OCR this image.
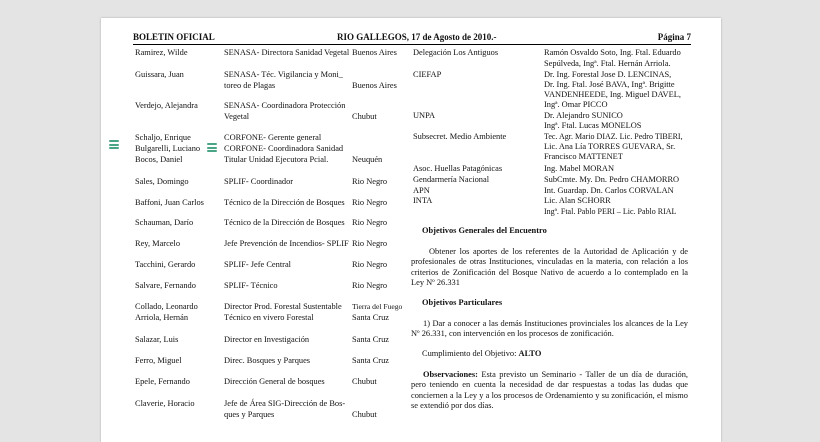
BOLETIN OFICIAL	RIO GALLEGOS, 17 de Agosto de 2010.-	Página 7
Ramirez, Wilde
Guissara, Juan
Verdejo, Alejandra
Schaljo, Enrique
Bulgarelli, Luciano
Bocos, Daniel
Sales, Domingo
Baffoni, Juan Carlos
Schauman, Darío
Rey, Marcelo
Tacchini, Gerardo
Salvare, Fernando
Collado, Leonardo
Arriola, Hernán
Salazar, Luis
Ferro, Miguel
Epele, Fernando
Claverie, Horacio
SENASA- Directora Sanidad Vegetal
SENASA- Téc. Vigilancia y Moni_
toreo de Plagas
SENASA- Coordinadora Protección
Vegetal
CORFONE- Gerente general
CORFONE- Coordinadora Sanidad
Titular Unidad Ejecutora Pcial.
SPLIF- Coordinador
Técnico de la Dirección de Bosques
Técnico de la Dirección de Bosques
Jefe Prevención de Incendios- SPLIF
SPLIF- Jefe Central
SPLIF- Técnico
Director Prod. Forestal Sustentable
Técnico en vivero Forestal
Director en Investigación
Direc. Bosques y Parques
Dirección General de bosques
Jefe de Área SIG-Dirección de Bos-
ques y Parques
Buenos Aires
Buenos Aires
Chubut
Neuquén
Rio Negro
Rio Negro
Rio Negro
Rio Negro
Rio Negro
Rio Negro
Tierra del Fuego
Santa Cruz
Santa Cruz
Santa Cruz
Chubut
Chubut
Delegación Los Antiguos
CIEFAP
UNPA
Subsecret. Medio Ambiente
Asoc. Huellas Patagónicas
Gendarmería Nacional
APN
INTA
Ramón Osvaldo Soto, Ing. Ftal. Eduardo
Sepúlveda, Ingª. Ftal. Hernán Arriola.
Dr. Ing. Forestal Jose D. LENCINAS,
Dr. Ing. Ftal. José BAVA, Ingª. Brigitte
VANDENHEEDE, Ing. Miguel DAVEL,
Ingª. Omar PICCO
Dr. Alejandro SUNICO
Ingª. Ftal. Lucas MONELOS
Tec. Agr. Mario DIAZ. Lic. Pedro TIBERI,
Lic. Ana Lía TORRES GUEVARA, Sr.
Francisco MATTENET
Ing. Mabel MORAN
SubCmte. My. Dn. Pedro CHAMORRO
Int. Guardap. Dn. Carlos CORVALAN
Lic. Alan SCHORR
Ingª. Ftal. Pablo PERI – Lic. Pablo RIAL
Objetivos Generales del Encuentro
Obtener los aportes de los referentes de la Autoridad de Aplicación y de profesionales de otras Instituciones, vinculadas en la materia, con relación a los criterios de Zonificación del Bosque Nativo de acuerdo a lo contemplado en la Ley Nº 26.331
Objetivos Particulares
1) Dar a conocer a las demás Instituciones provinciales los alcances de la Ley Nº 26.331, con intervención en los procesos de zonificación.
Cumplimiento del Objetivo: ALTO
Observaciones: Esta previsto un Seminario - Taller de un día de duración, pero teniendo en cuenta la necesidad de dar respuestas a todas las dudas que conciernen a la Ley y a los procesos de Ordenamiento y su zonificación, el mismo se extendió por dos días.
